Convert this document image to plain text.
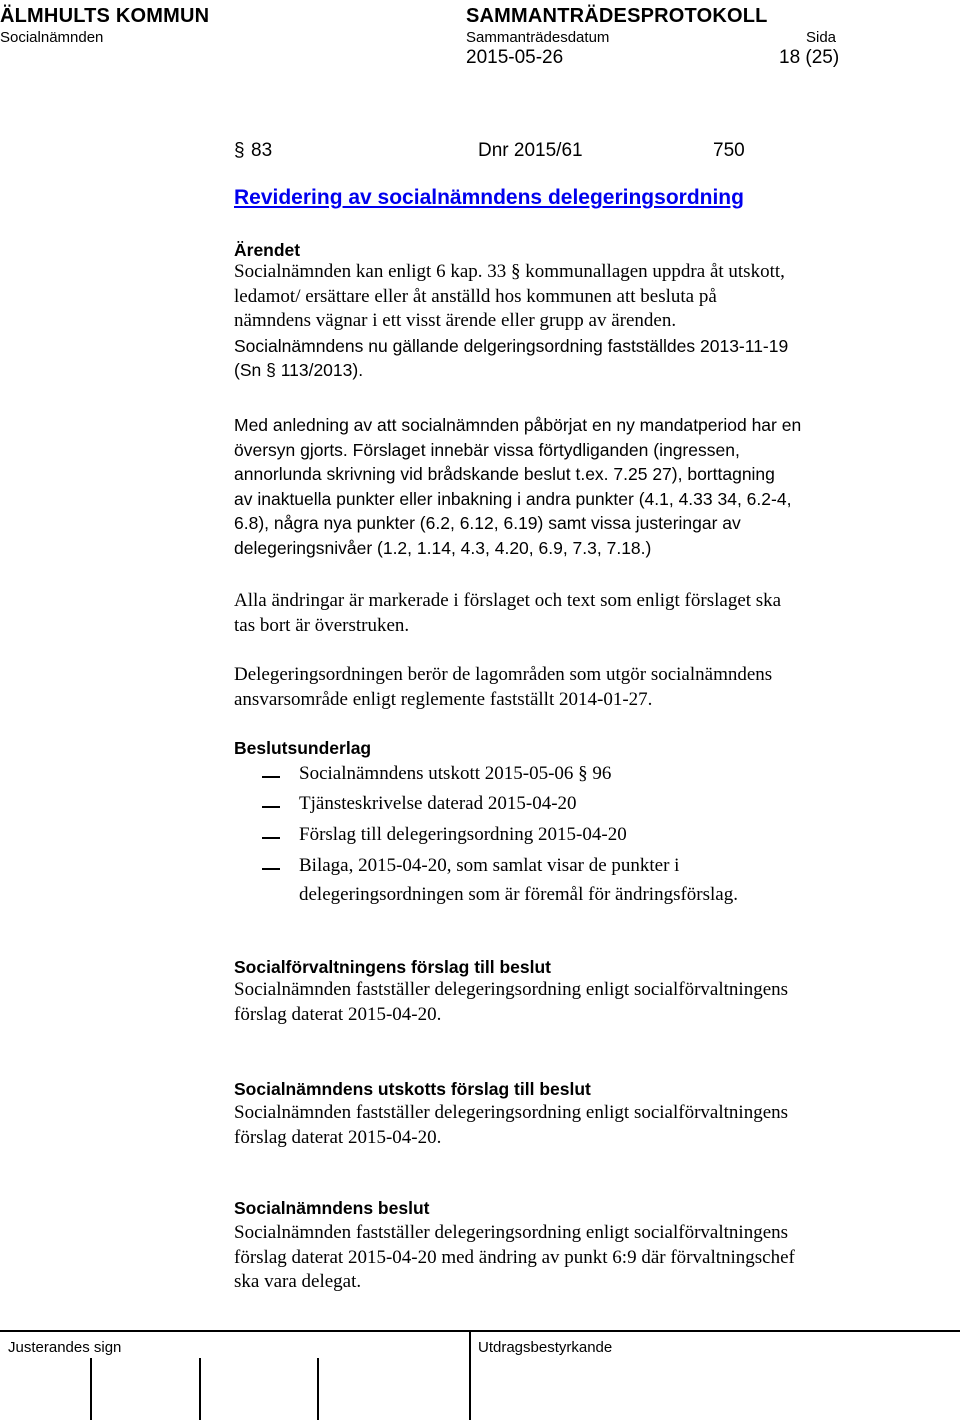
ÄLMHULTS KOMMUN	SAMMANTRÄDESPROTOKOLL
Socialnämnden	Sammanträdesdatum	Sida
2015-05-26	18 (25)
§ 83	Dnr 2015/61	750
Revidering av socialnämndens delegeringsordning
Ärendet
Socialnämnden kan enligt 6 kap. 33 § kommunallagen uppdra åt utskott,
ledamot/ ersättare eller åt anställd hos kommunen att besluta på
nämndens vägnar i ett visst ärende eller grupp av ärenden.
Socialnämndens nu gällande delgeringsordning fastställdes 2013-11-19
(Sn § 113/2013).
Med anledning av att socialnämnden påbörjat en ny mandatperiod har en
översyn gjorts. Förslaget innebär vissa förtydliganden (ingressen,
annorlunda skrivning vid brådskande beslut t.ex. 7.25 27), borttagning
av inaktuella punkter eller inbakning i andra punkter (4.1, 4.33 34, 6.2-4,
6.8), några nya punkter (6.2, 6.12, 6.19) samt vissa justeringar av
delegeringsnivåer (1.2, 1.14, 4.3, 4.20, 6.9, 7.3, 7.18.)
Alla ändringar är markerade i förslaget och text som enligt förslaget ska
tas bort är överstruken.
Delegeringsordningen berör de lagområden som utgör socialnämndens
ansvarsområde enligt reglemente fastställt 2014-01-27.
Beslutsunderlag
Socialnämndens utskott 2015-05-06 § 96
Tjänsteskrivelse daterad 2015-04-20
Förslag till delegeringsordning 2015-04-20
Bilaga, 2015-04-20, som samlat visar de punkter i
delegeringsordningen som är föremål för ändringsförslag.
Socialförvaltningens förslag till beslut
Socialnämnden fastställer delegeringsordning enligt socialförvaltningens
förslag daterat 2015-04-20.
Socialnämndens utskotts förslag till beslut
Socialnämnden fastställer delegeringsordning enligt socialförvaltningens
förslag daterat 2015-04-20.
Socialnämndens beslut
Socialnämnden fastställer delegeringsordning enligt socialförvaltningens
förslag daterat 2015-04-20 med ändring av punkt 6:9 där förvaltningschef
ska vara delegat.
Justerandes sign	Utdragsbestyrkande
